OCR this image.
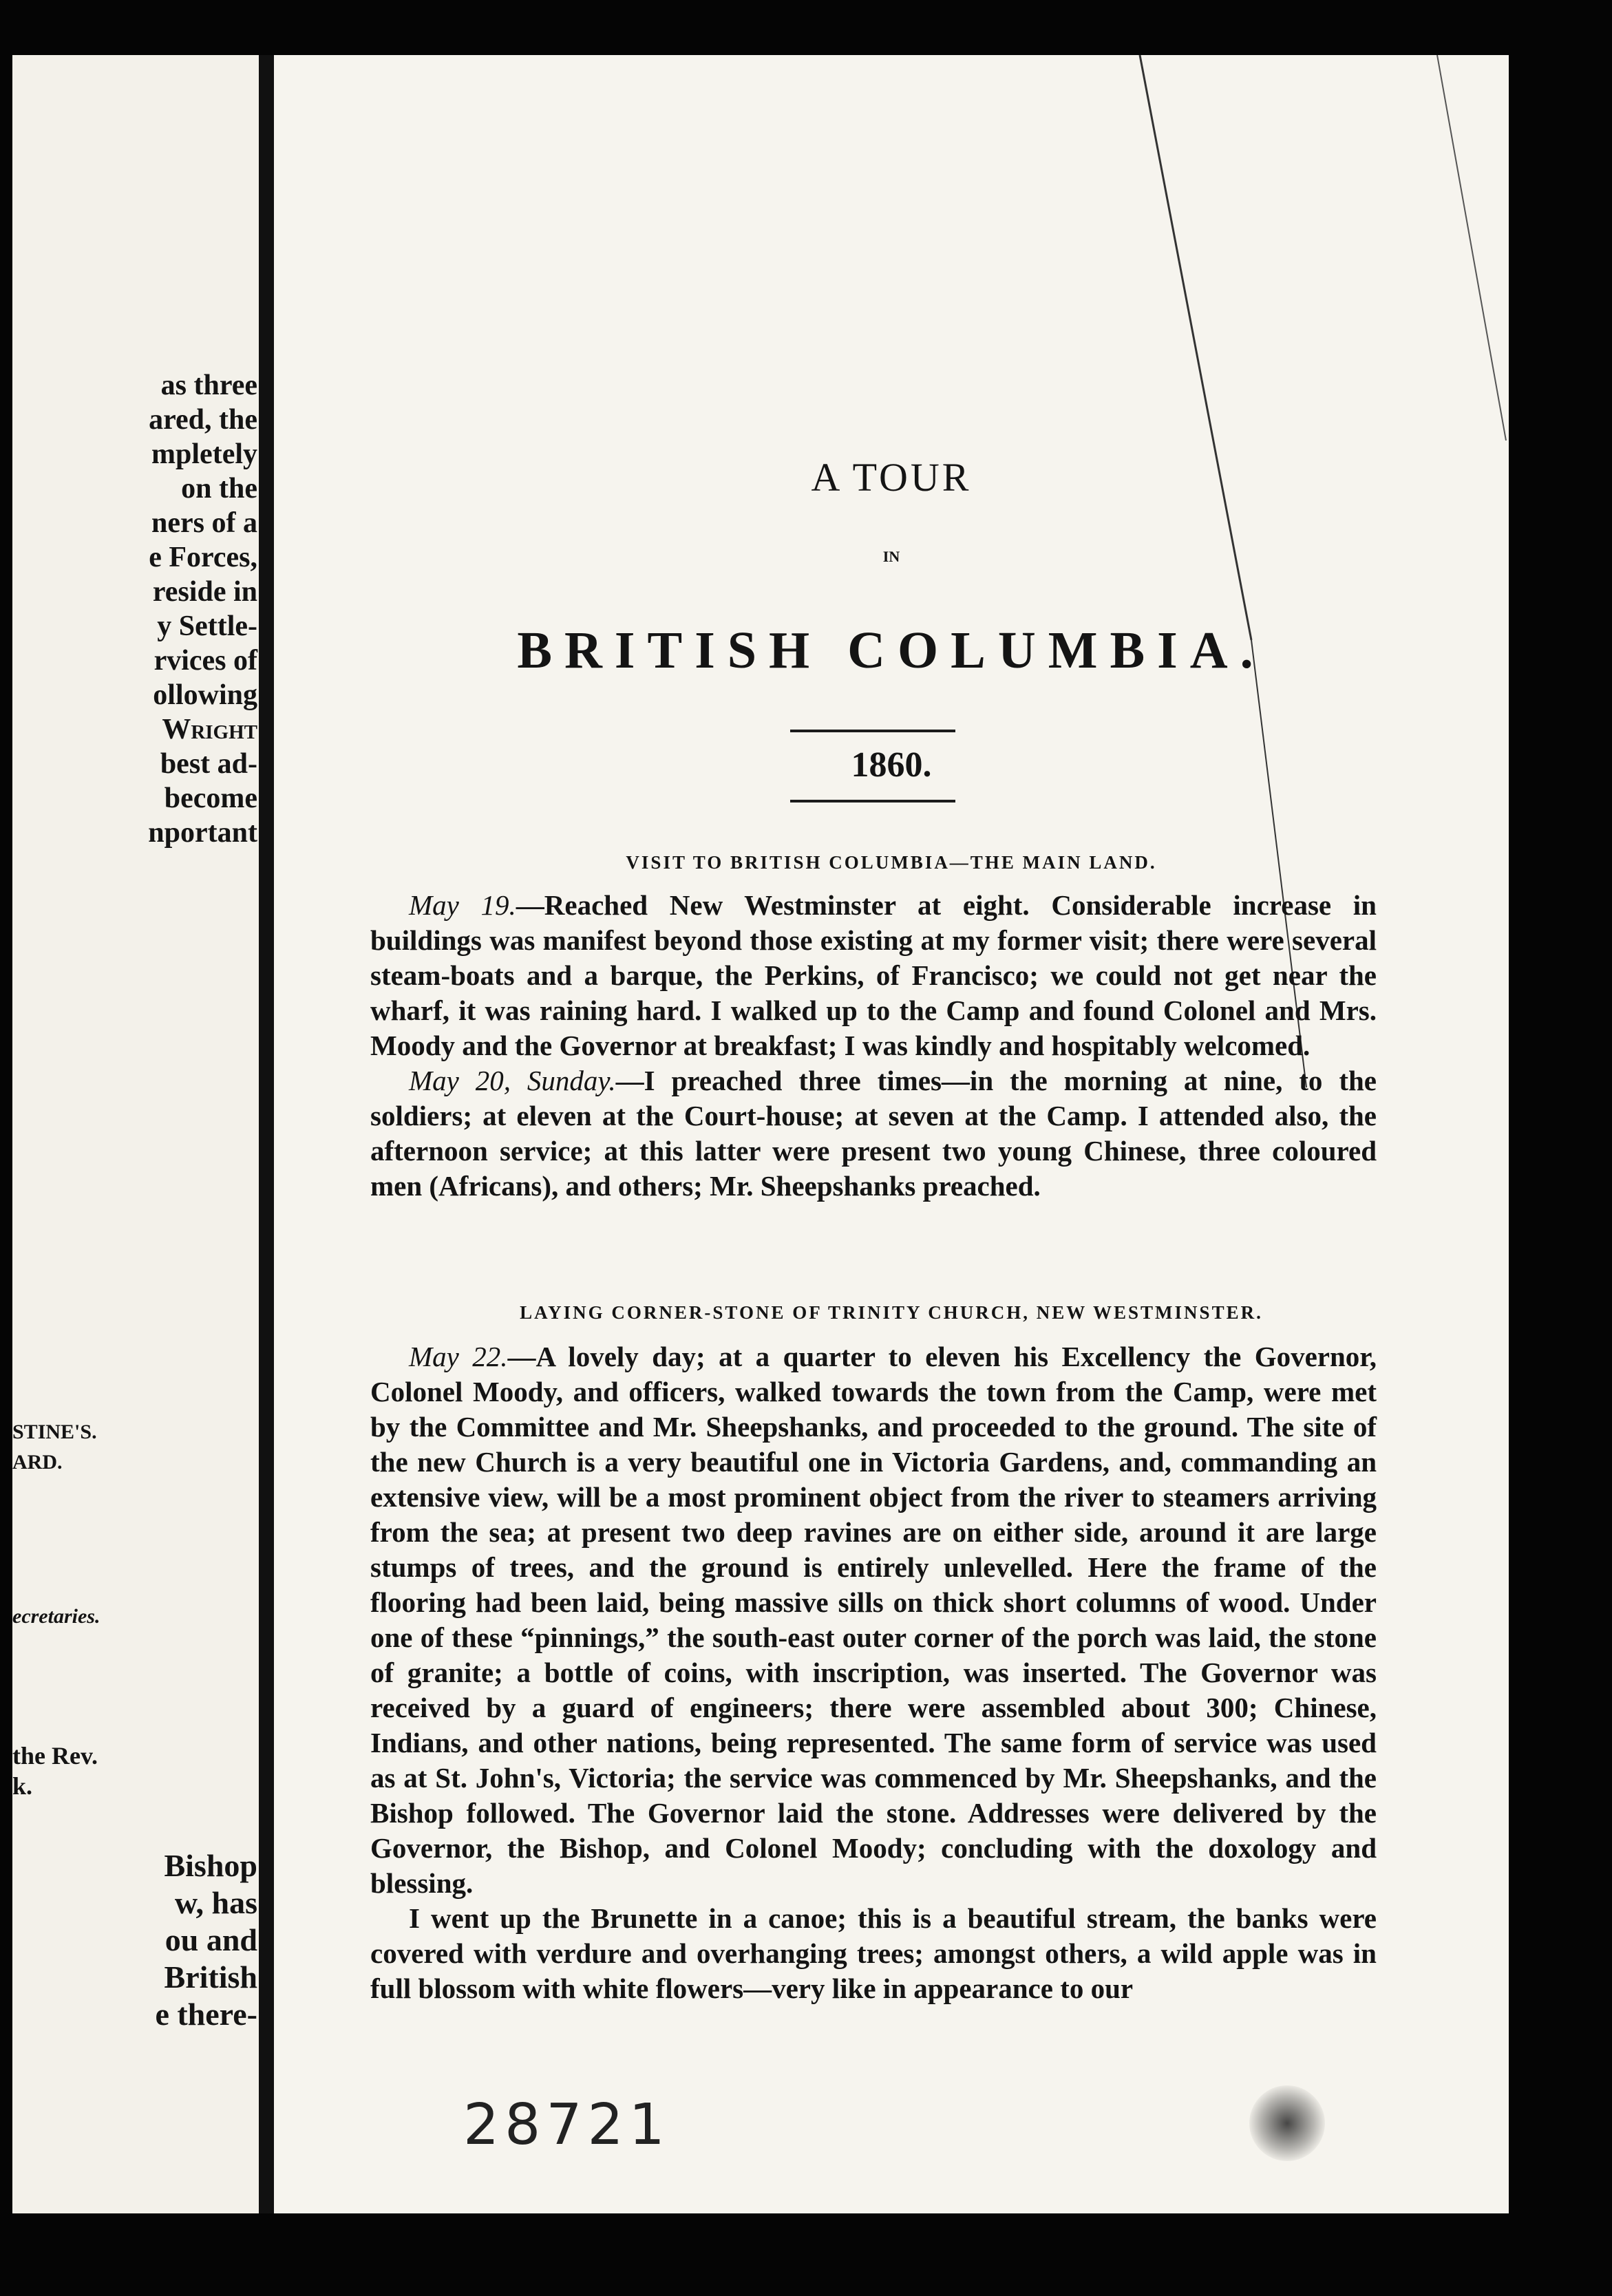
as three
ared, the
mpletely
on the
ners of a
e Forces,
reside in
y Settle-
rvices of
ollowing
Wright
best ad-
become
nportant
STINE'S.
ARD.
ecretaries.
the Rev.
k.
Bishop
w, has
ou and
British
e there-
A TOUR
IN
BRITISH COLUMBIA.
1860.
VISIT TO BRITISH COLUMBIA—THE MAIN LAND.

May 19.—Reached New Westminster at eight. Considerable increase in buildings was manifest beyond those existing at my former visit; there were several steam-boats and a barque, the Perkins, of Francisco; we could not get near the wharf, it was raining hard. I walked up to the Camp and found Colonel and Mrs. Moody and the Governor at breakfast; I was kindly and hospitably welcomed.

May 20, Sunday.—I preached three times—in the morning at nine, to the soldiers; at eleven at the Court-house; at seven at the Camp. I attended also, the afternoon service; at this latter were present two young Chinese, three coloured men (Africans), and others; Mr. Sheepshanks preached.

LAYING CORNER-STONE OF TRINITY CHURCH, NEW WESTMINSTER.

May 22.—A lovely day; at a quarter to eleven his Excellency the Governor, Colonel Moody, and officers, walked towards the town from the Camp, were met by the Committee and Mr. Sheepshanks, and proceeded to the ground. The site of the new Church is a very beautiful one in Victoria Gardens, and, commanding an extensive view, will be a most prominent object from the river to steamers arriving from the sea; at present two deep ravines are on either side, around it are large stumps of trees, and the ground is entirely unlevelled. Here the frame of the flooring had been laid, being massive sills on thick short columns of wood. Under one of these “pinnings,” the south-east outer corner of the porch was laid, the stone of granite; a bottle of coins, with inscription, was inserted. The Governor was received by a guard of engineers; there were assembled about 300; Chinese, Indians, and other nations, being represented. The same form of service was used as at St. John's, Victoria; the service was commenced by Mr. Sheepshanks, and the Bishop followed. The Governor laid the stone. Addresses were delivered by the Governor, the Bishop, and Colonel Moody; concluding with the doxology and blessing.

I went up the Brunette in a canoe; this is a beautiful stream, the banks were covered with verdure and overhanging trees; amongst others, a wild apple was in full blossom with white flowers—very like in appearance to our

28721
